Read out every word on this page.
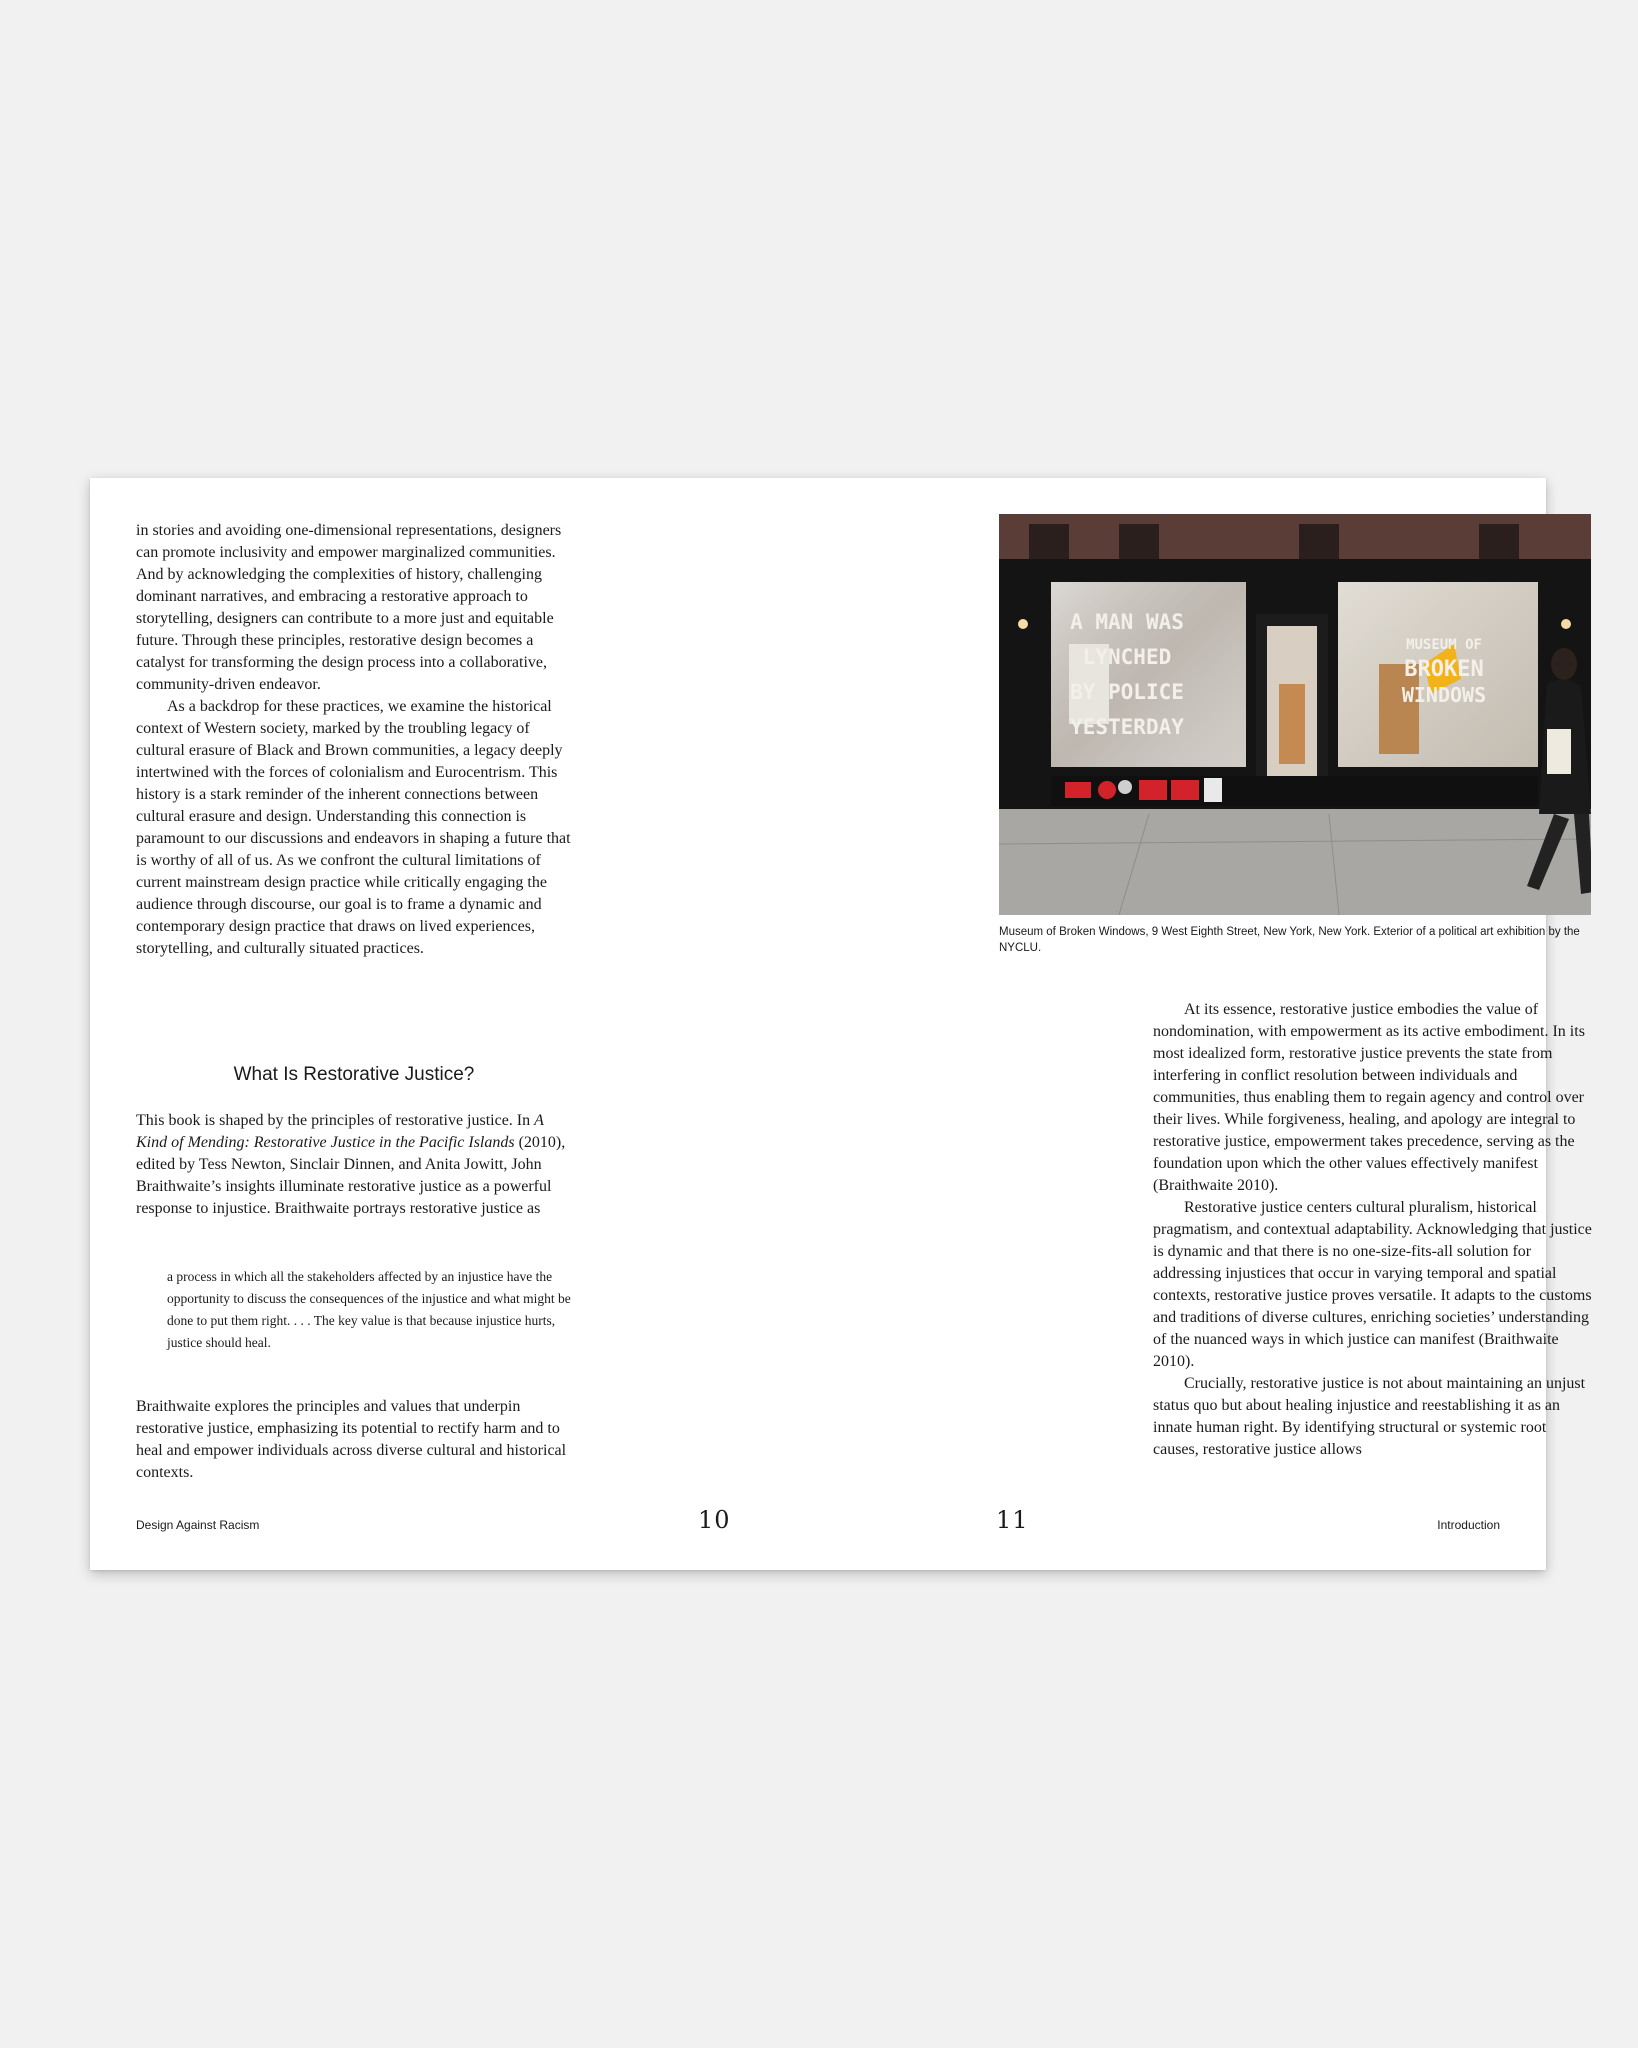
in stories and avoiding one-dimensional representations, designers can promote inclusivity and empower marginalized communities. And by acknowledging the complexities of history, challenging dominant narratives, and embracing a restorative approach to storytelling, designers can contribute to a more just and equitable future. Through these principles, restorative design becomes a catalyst for transforming the design process into a collaborative, community-driven endeavor.

As a backdrop for these practices, we examine the historical context of Western society, marked by the troubling legacy of cultural erasure of Black and Brown communities, a legacy deeply intertwined with the forces of colonialism and Eurocentrism. This history is a stark reminder of the inherent connections between cultural erasure and design. Understanding this connection is paramount to our discussions and endeavors in shaping a future that is worthy of all of us. As we confront the cultural limitations of current mainstream design practice while critically engaging the audience through discourse, our goal is to frame a dynamic and contemporary design practice that draws on lived experiences, storytelling, and culturally situated practices.

What Is Restorative Justice?

This book is shaped by the principles of restorative justice. In A Kind of Mending: Restorative Justice in the Pacific Islands (2010), edited by Tess Newton, Sinclair Dinnen, and Anita Jowitt, John Braithwaite’s insights illuminate restorative justice as a powerful response to injustice. Braithwaite portrays restorative justice as

a process in which all the stakeholders affected by an injustice have the opportunity to discuss the consequences of the injustice and what might be done to put them right. . . . The key value is that because injustice hurts, justice should heal.

Braithwaite explores the principles and values that underpin restorative justice, emphasizing its potential to rectify harm and to heal and empower individuals across diverse cultural and historical contexts.

Design Against Racism	10

A MAN WAS
LYNCHED
BY POLICE
YESTERDAY
MUSEUM OF
BROKEN
WINDOWS

Museum of Broken Windows, 9 West Eighth Street, New York, New York. Exterior of a political art exhibition by the NYCLU.

At its essence, restorative justice embodies the value of nondomination, with empowerment as its active embodiment. In its most idealized form, restorative justice prevents the state from interfering in conflict resolution between individuals and communities, thus enabling them to regain agency and control over their lives. While forgiveness, healing, and apology are integral to restorative justice, empowerment takes precedence, serving as the foundation upon which the other values effectively manifest (Braithwaite 2010).

Restorative justice centers cultural pluralism, historical pragmatism, and contextual adaptability. Acknowledging that justice is dynamic and that there is no one-size-fits-all solution for addressing injustices that occur in varying temporal and spatial contexts, restorative justice proves versatile. It adapts to the customs and traditions of diverse cultures, enriching societies’ understanding of the nuanced ways in which justice can manifest (Braithwaite 2010).

Crucially, restorative justice is not about maintaining an unjust status quo but about healing injustice and reestablishing it as an innate human right. By identifying structural or systemic root causes, restorative justice allows

11	Introduction
